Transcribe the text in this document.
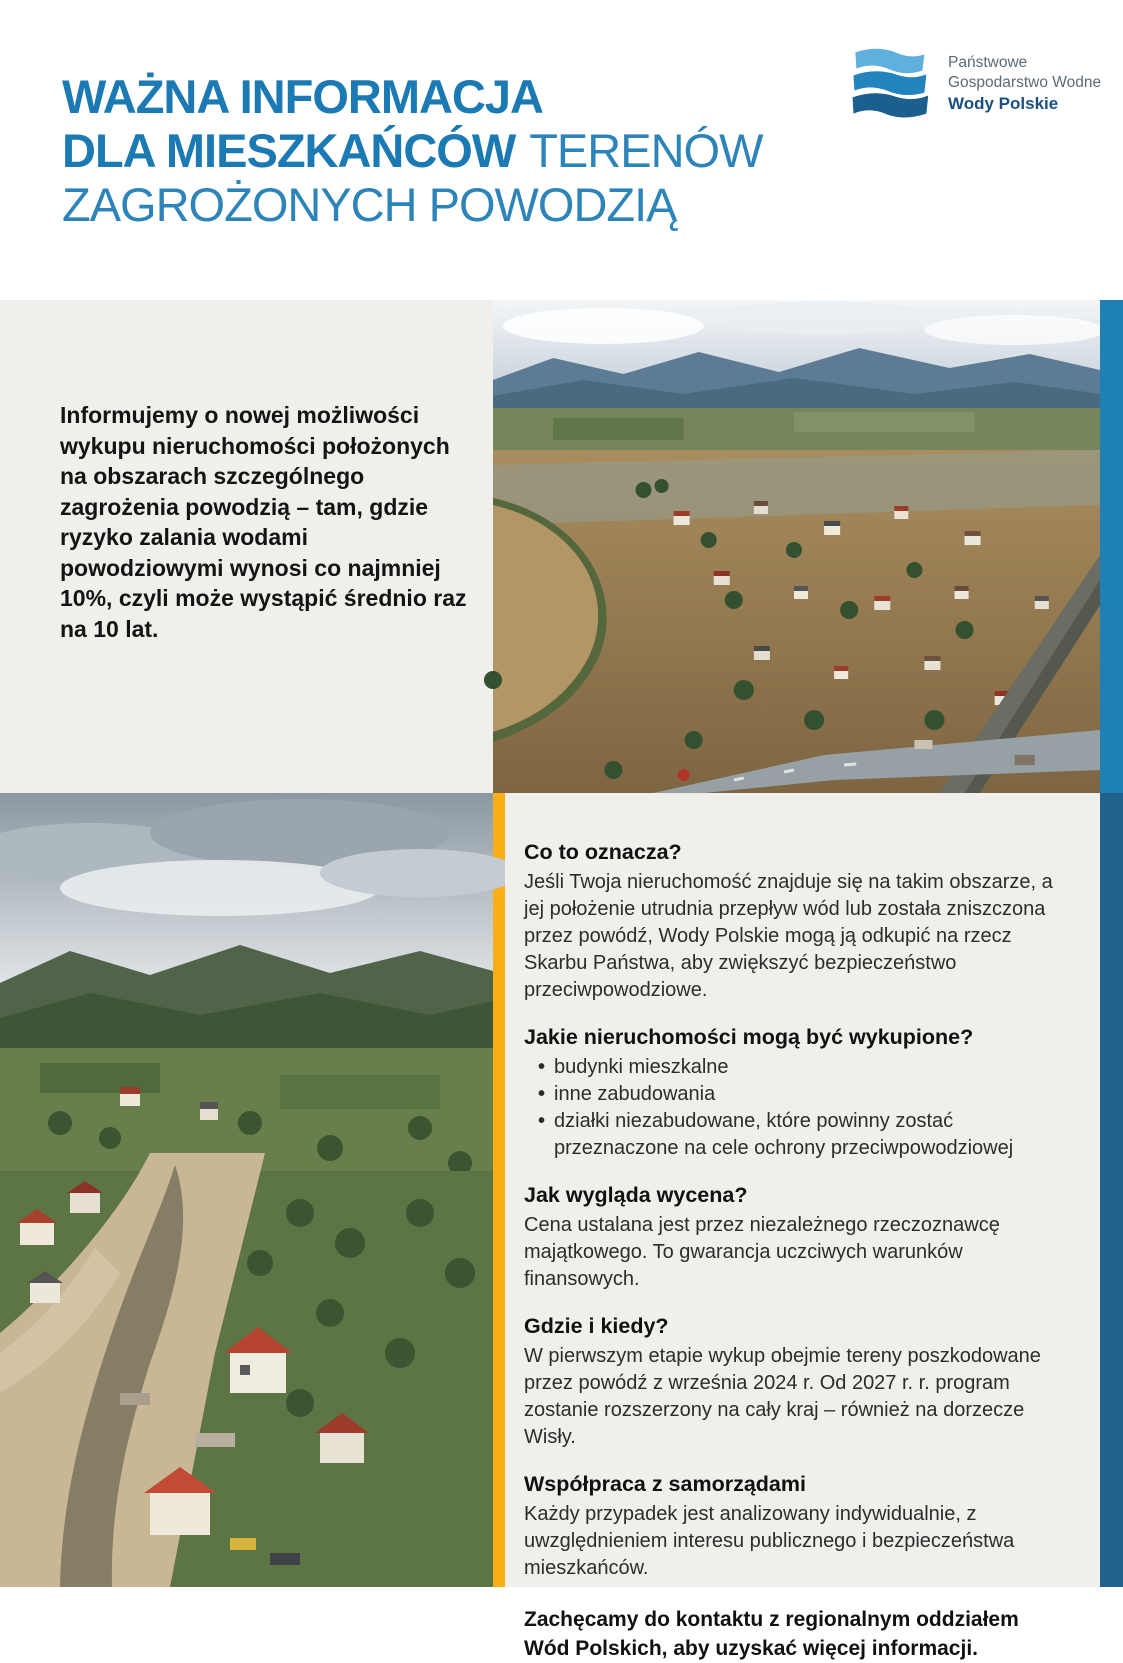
WAŻNA INFORMACJA
DLA MIESZKAŃCÓW TERENÓW
ZAGROŻONYCH POWODZIĄ
Państwowe
Gospodarstwo Wodne
Wody Polskie

Informujemy o nowej możliwości wykupu nieruchomości położonych na obszarach szczególnego zagrożenia powodzią – tam, gdzie ryzyko zalania wodami powodziowymi wynosi co najmniej 10%, czyli może wystąpić średnio raz na 10 lat.

Co to oznacza?

Jeśli Twoja nieruchomość znajduje się na takim obszarze, a jej położenie utrudnia przepływ wód lub została zniszczona przez powódź, Wody Polskie mogą ją odkupić na rzecz Skarbu Państwa, aby zwiększyć bezpieczeństwo przeciwpowodziowe.

Jakie nieruchomości mogą być wykupione?
• budynki mieszkalne
• inne zabudowania
• działki niezabudowane, które powinny zostać przeznaczone na cele ochrony przeciwpowodziowej
Jak wygląda wycena?

Cena ustalana jest przez niezależnego rzeczoznawcę majątkowego. To gwarancja uczciwych warunków finansowych.

Gdzie i kiedy?

W pierwszym etapie wykup obejmie tereny poszkodowane przez powódź z września 2024 r. Od 2027 r. r. program zostanie rozszerzony na cały kraj – również na dorzecze Wisły.

Współpraca z samorządami

Każdy przypadek jest analizowany indywidualnie, z uwzględnieniem interesu publicznego i bezpieczeństwa mieszkańców.

Zachęcamy do kontaktu z regionalnym oddziałem Wód Polskich, aby uzyskać więcej informacji.
